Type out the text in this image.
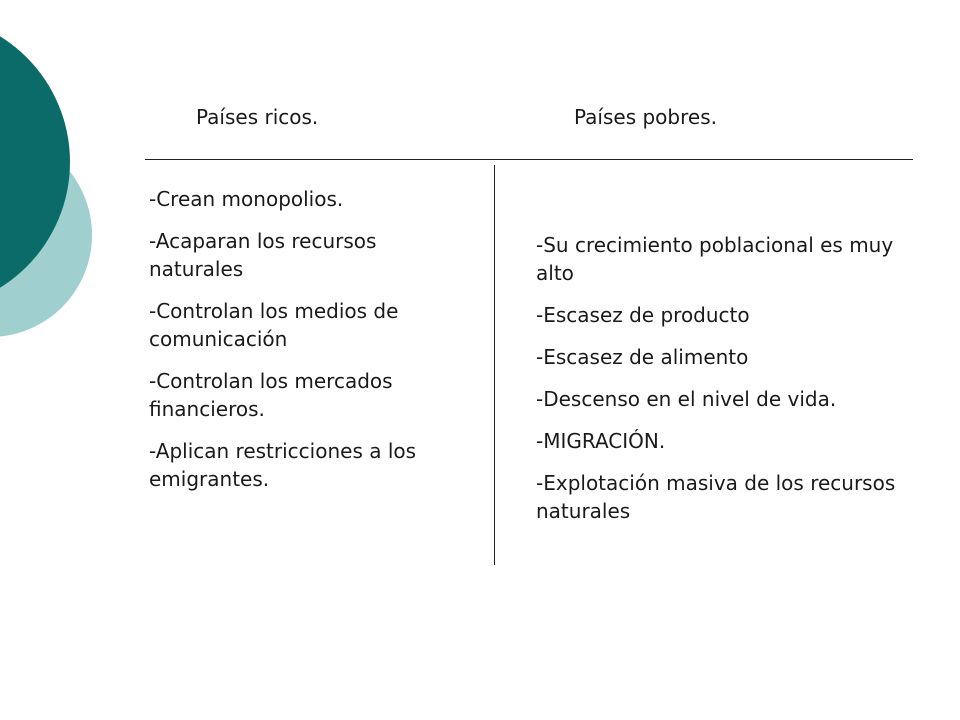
Países ricos.	Países pobres.
-Crean monopolios.
-Acaparan los recursos naturales
-Controlan los medios de comunicación
-Controlan los mercados financieros.
-Aplican restricciones a los emigrantes.
-Su crecimiento poblacional es muy alto
-Escasez de producto
-Escasez de alimento
-Descenso en el nivel de vida.
-MIGRACIÓN.
-Explotación masiva de los recursos naturales
